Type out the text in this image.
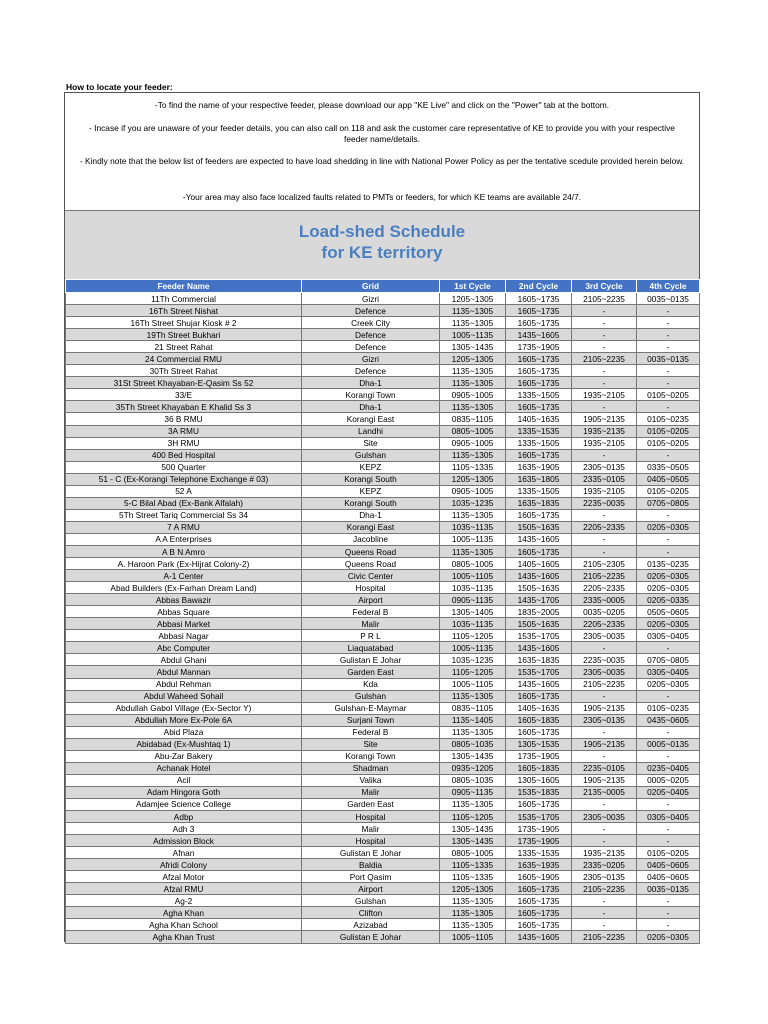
How to locate your feeder:

-To find the name of your respective feeder, please download our app "KE Live" and click on the "Power" tab at the bottom.

- Incase if you are unaware of your feeder details, you can also call on 118 and ask the customer care representative of KE to provide you with your respective feeder name/details.

- Kindly note that the below list of feeders are expected to have load shedding in line with National Power Policy as per the tentative scedule provided herein below.

-Your area may also face localized faults related to PMTs or feeders, for which KE teams are available 24/7.

Load-shed Schedule
for KE territory
Feeder Name	Grid	1st Cycle	2nd Cycle	3rd Cycle	4th Cycle
11Th Commercial	Gizri	1205~1305	1605~1735	2105~2235	0035~0135
16Th Street Nishat	Defence	1135~1305	1605~1735	-	-
16Th Street Shujar Kiosk # 2	Creek City	1135~1305	1605~1735	-	-
19Th Street Bukhari	Defence	1005~1135	1435~1605	-	-
21 Street Rahat	Defence	1305~1435	1735~1905	-	-
24 Commercial RMU	Gizri	1205~1305	1605~1735	2105~2235	0035~0135
30Th Street Rahat	Defence	1135~1305	1605~1735	-	-
31St Street Khayaban-E-Qasim Ss 52	Dha-1	1135~1305	1605~1735	-	-
33/E	Korangi Town	0905~1005	1335~1505	1935~2105	0105~0205
35Th Street Khayaban E Khalid Ss 3	Dha-1	1135~1305	1605~1735	-	-
36 B RMU	Korangi East	0835~1105	1405~1635	1905~2135	0105~0235
3A RMU	Landhi	0805~1005	1335~1535	1935~2135	0105~0205
3H RMU	Site	0905~1005	1335~1505	1935~2105	0105~0205
400 Bed Hospital	Gulshan	1135~1305	1605~1735	-	-
500 Quarter	KEPZ	1105~1335	1635~1905	2305~0135	0335~0505
51 - C (Ex-Korangi Telephone Exchange # 03)	Korangi South	1205~1305	1635~1805	2335~0105	0405~0505
52 A	KEPZ	0905~1005	1335~1505	1935~2105	0105~0205
5-C Bilal Abad (Ex-Bank Alfalah)	Korangi South	1035~1235	1635~1835	2235~0035	0705~0805
5Th Street Tariq Commercial Ss 34	Dha-1	1135~1305	1605~1735	-	-
7 A RMU	Korangi East	1035~1135	1505~1635	2205~2335	0205~0305
A A Enterprises	Jacobline	1005~1135	1435~1605	-	-
A B N Amro	Queens Road	1135~1305	1605~1735	-	-
A. Haroon Park (Ex-Hijrat Colony-2)	Queens Road	0805~1005	1405~1605	2105~2305	0135~0235
A-1 Center	Civic Center	1005~1105	1435~1605	2105~2235	0205~0305
Abad Builders (Ex-Farhan Dream Land)	Hospital	1035~1135	1505~1635	2205~2335	0205~0305
Abbas Bawazir	Airport	0905~1135	1435~1705	2335~0005	0205~0335
Abbas Square	Federal B	1305~1405	1835~2005	0035~0205	0505~0605
Abbasi Market	Malir	1035~1135	1505~1635	2205~2335	0205~0305
Abbasi Nagar	P R L	1105~1205	1535~1705	2305~0035	0305~0405
Abc Computer	Liaquatabad	1005~1135	1435~1605	-	-
Abdul Ghani	Gulistan E Johar	1035~1235	1635~1835	2235~0035	0705~0805
Abdul Mannan	Garden East	1105~1205	1535~1705	2305~0035	0305~0405
Abdul Rehman	Kda	1005~1105	1435~1605	2105~2235	0205~0305
Abdul Waheed Sohail	Gulshan	1135~1305	1605~1735	-	-
Abdullah Gabol Village (Ex-Sector Y)	Gulshan-E-Maymar	0835~1105	1405~1635	1905~2135	0105~0235
Abdullah More Ex-Pole 6A	Surjani Town	1135~1405	1605~1835	2305~0135	0435~0605
Abid Plaza	Federal B	1135~1305	1605~1735	-	-
Abidabad (Ex-Mushtaq 1)	Site	0805~1035	1305~1535	1905~2135	0005~0135
Abu-Zar Bakery	Korangi Town	1305~1435	1735~1905	-	-
Achanak Hotel	Shadman	0935~1205	1605~1835	2235~0105	0235~0405
Acil	Valika	0805~1035	1305~1605	1905~2135	0005~0205
Adam Hingora Goth	Malir	0905~1135	1535~1835	2135~0005	0205~0405
Adamjee Science College	Garden East	1135~1305	1605~1735	-	-
Adbp	Hospital	1105~1205	1535~1705	2305~0035	0305~0405
Adh 3	Malir	1305~1435	1735~1905	-	-
Admission Block	Hospital	1305~1435	1735~1905	-	-
Afnan	Gulistan E Johar	0805~1005	1335~1535	1935~2135	0105~0205
Afridi Colony	Baldia	1105~1335	1635~1935	2335~0205	0405~0605
Afzal Motor	Port Qasim	1105~1335	1605~1905	2305~0135	0405~0605
Afzal RMU	Airport	1205~1305	1605~1735	2105~2235	0035~0135
Ag-2	Gulshan	1135~1305	1605~1735	-	-
Agha Khan	Clifton	1135~1305	1605~1735	-	-
Agha Khan School	Azizabad	1135~1305	1605~1735	-	-
Agha Khan Trust	Gulistan E Johar	1005~1105	1435~1605	2105~2235	0205~0305
